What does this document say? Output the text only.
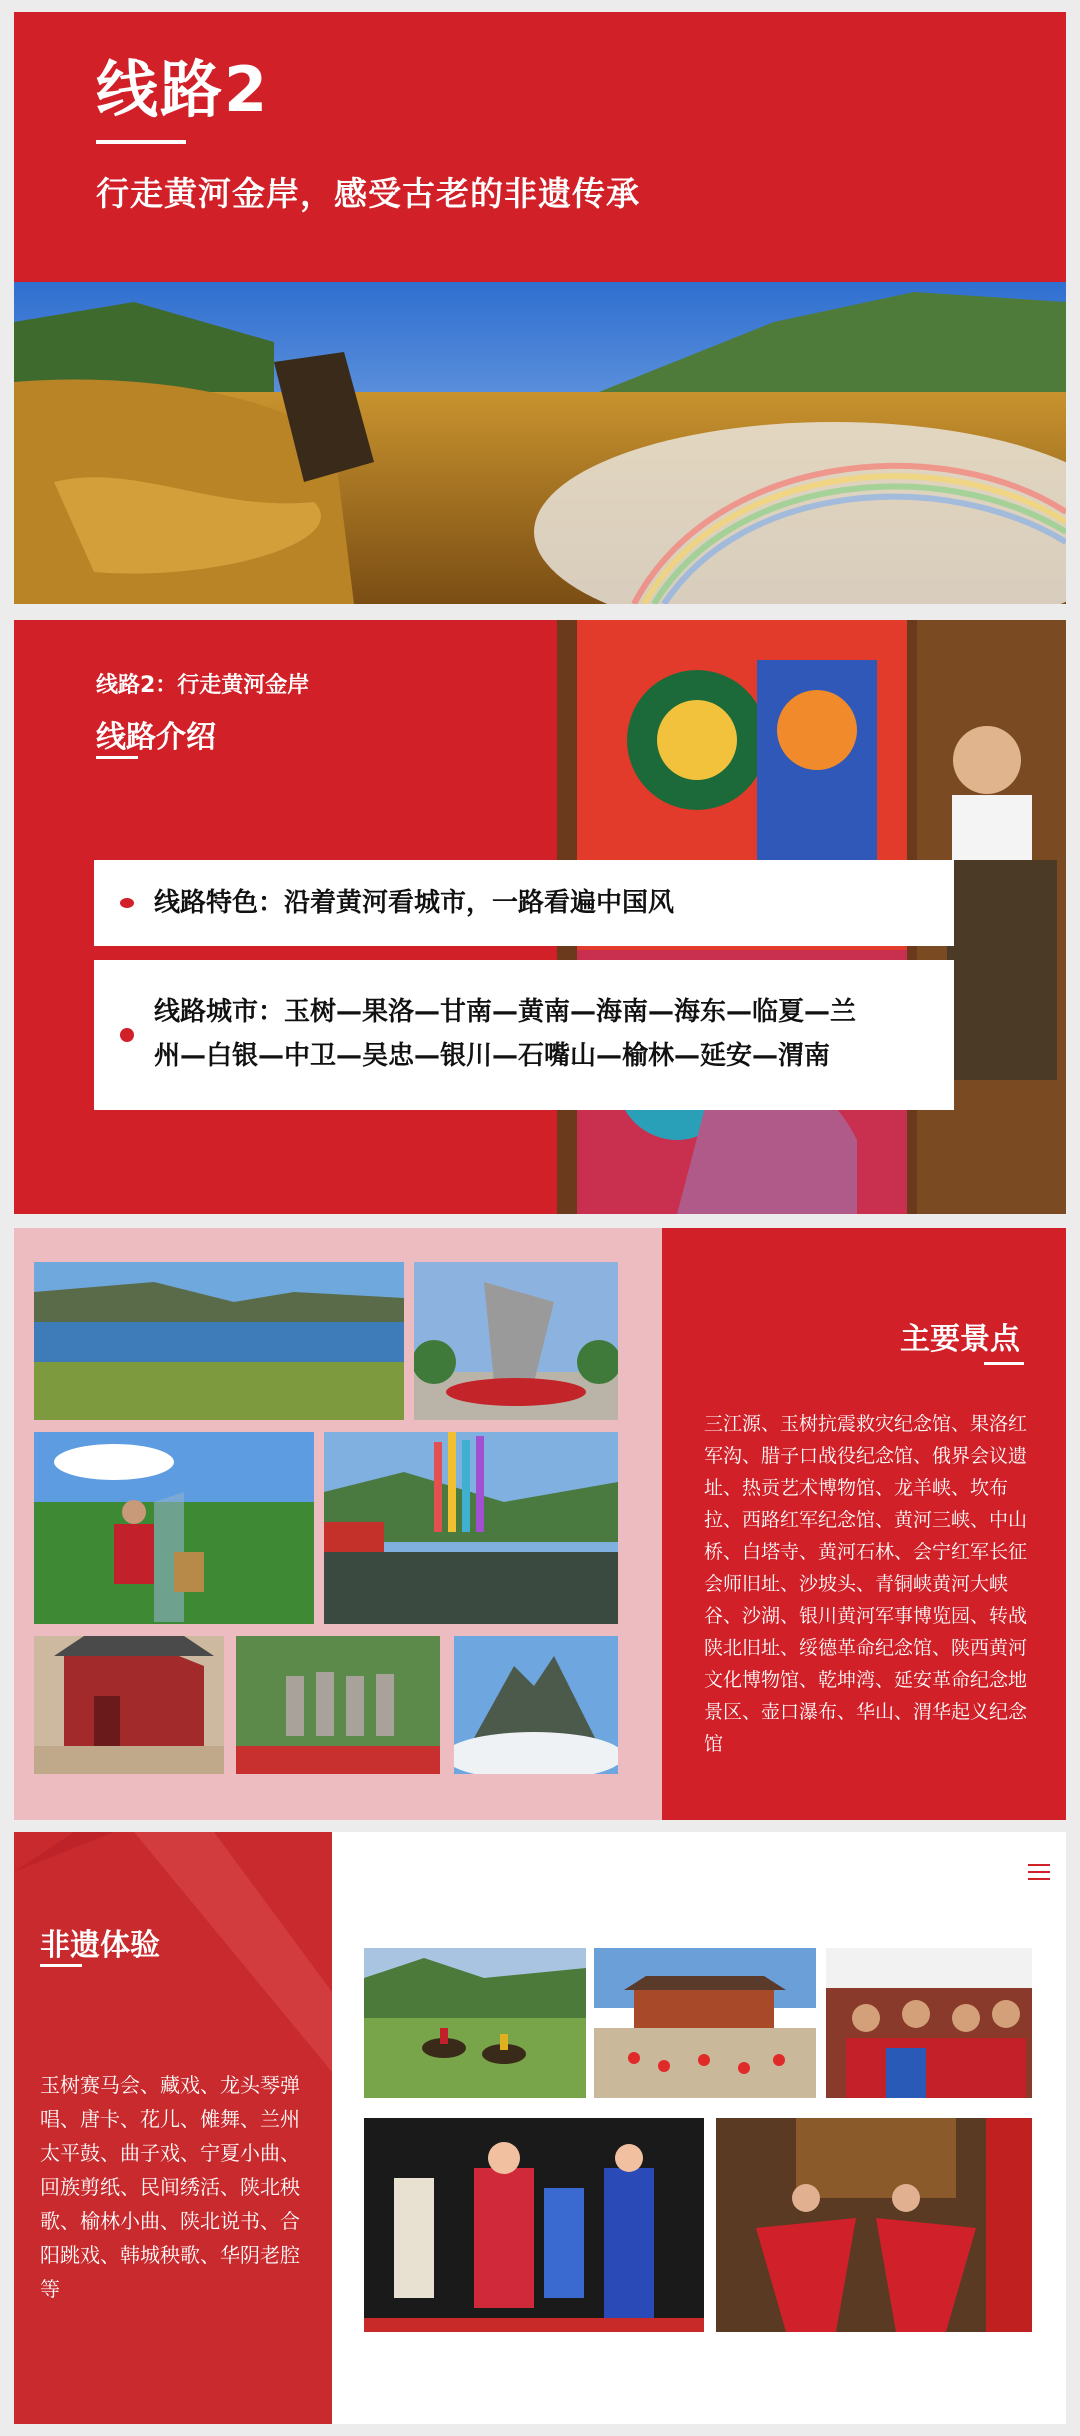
线路2
行走黄河金岸，感受古老的非遗传承
线路2：行走黄河金岸
线路介绍
线路特色：沿着黄河看城市，一路看遍中国风
线路城市：玉树—果洛—甘南—黄南—海南—海东—临夏—兰
州—白银—中卫—吴忠—银川—石嘴山—榆林—延安—渭南
主要景点
三江源、玉树抗震救灾纪念馆、果洛红军沟、腊子口战役纪念馆、俄界会议遗址、热贡艺术博物馆、龙羊峡、坎布拉、西路红军纪念馆、黄河三峡、中山桥、白塔寺、黄河石林、会宁红军长征会师旧址、沙坡头、青铜峡黄河大峡谷、沙湖、银川黄河军事博览园、转战陕北旧址、绥德革命纪念馆、陕西黄河文化博物馆、乾坤湾、延安革命纪念地景区、壶口瀑布、华山、渭华起义纪念馆
非遗体验
玉树赛马会、藏戏、龙头琴弹唱、唐卡、花儿、傩舞、兰州太平鼓、曲子戏、宁夏小曲、回族剪纸、民间绣活、陕北秧歌、榆林小曲、陕北说书、合阳跳戏、韩城秧歌、华阴老腔等
